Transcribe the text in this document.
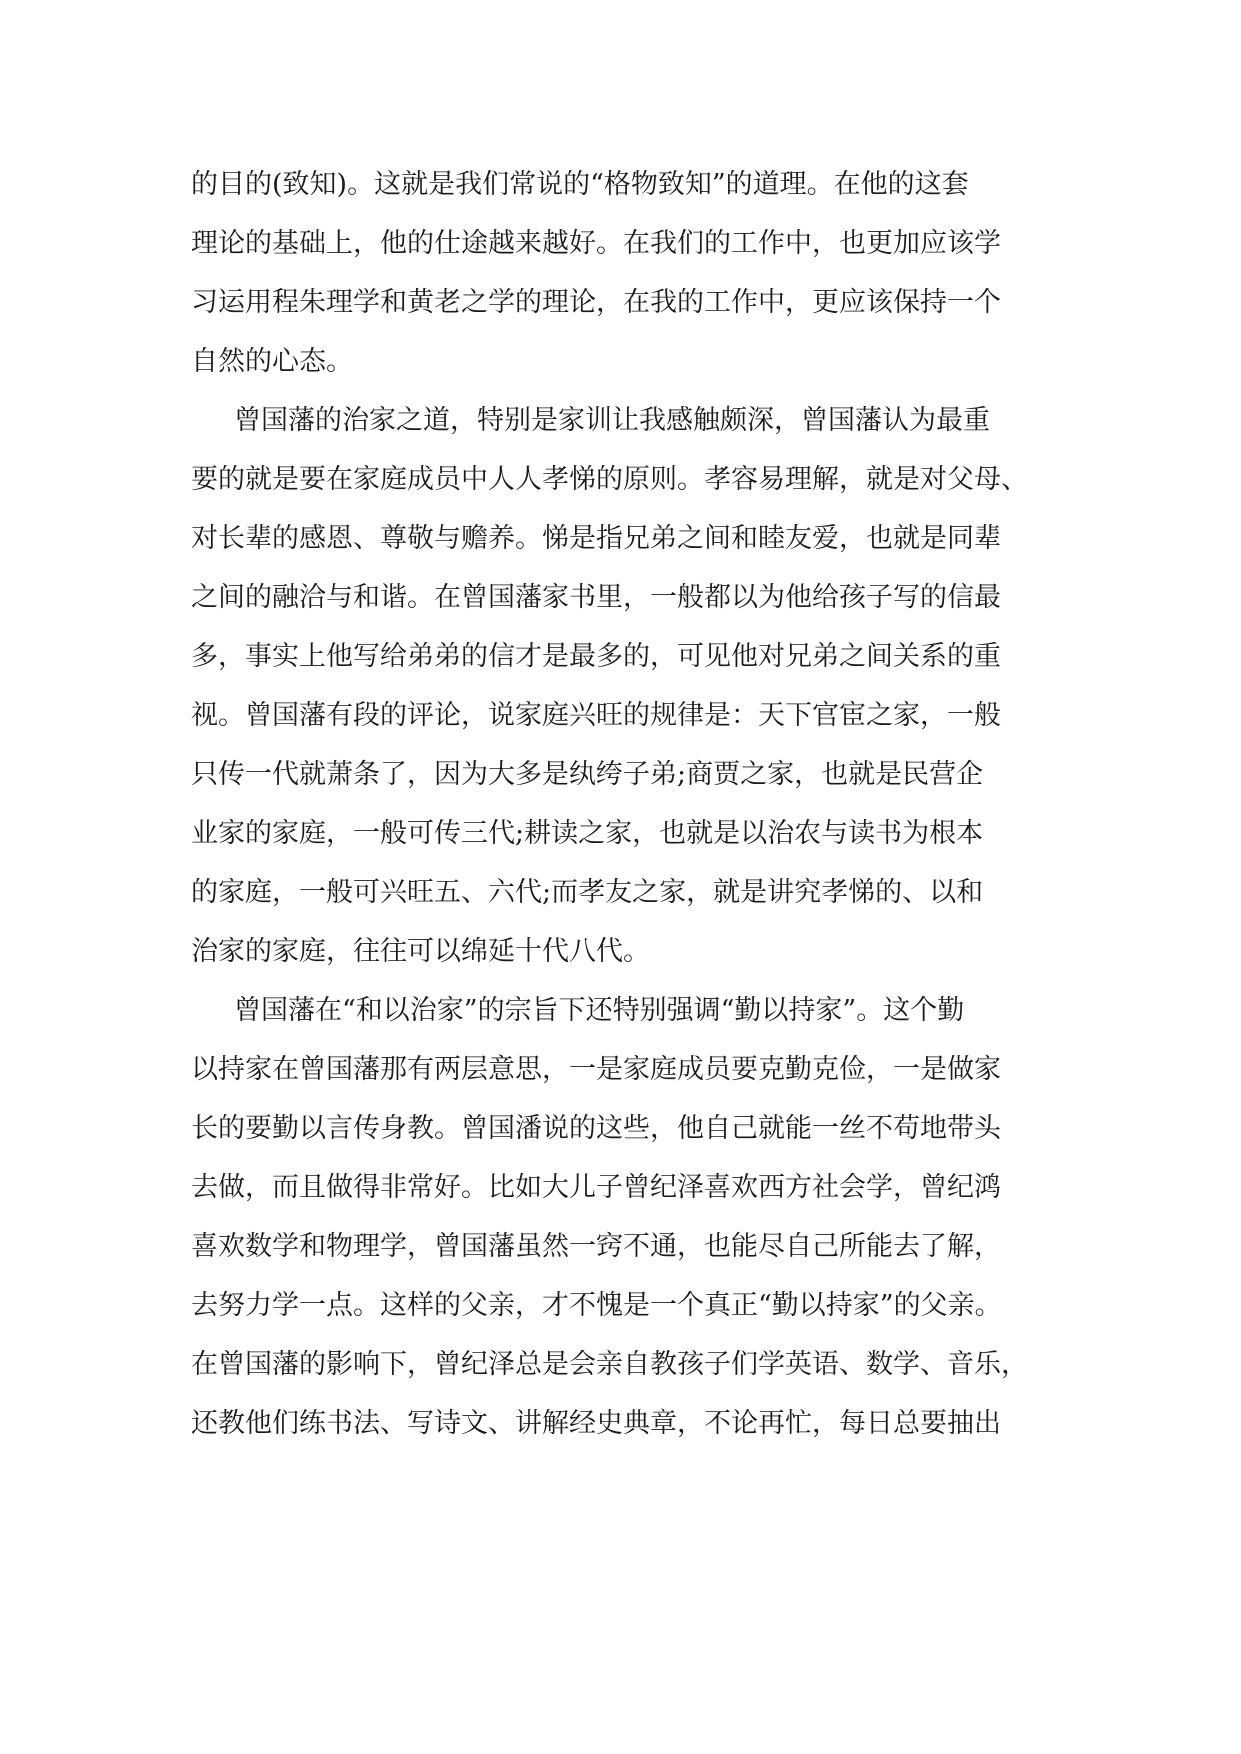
的目的(致知)。这就是我们常说的“格物致知”的道理。在他的这套
理论的基础上，他的仕途越来越好。在我们的工作中，也更加应该学
习运用程朱理学和黄老之学的理论，在我的工作中，更应该保持一个
自然的心态。
曾国藩的治家之道，特别是家训让我感触颇深，曾国藩认为最重
要的就是要在家庭成员中人人孝悌的原则。孝容易理解，就是对父母、
对长辈的感恩、尊敬与赡养。悌是指兄弟之间和睦友爱，也就是同辈
之间的融洽与和谐。在曾国藩家书里，一般都以为他给孩子写的信最
多，事实上他写给弟弟的信才是最多的，可见他对兄弟之间关系的重
视。曾国藩有段的评论，说家庭兴旺的规律是：天下官宦之家，一般
只传一代就萧条了，因为大多是纨绔子弟;商贾之家，也就是民营企
业家的家庭，一般可传三代;耕读之家，也就是以治农与读书为根本
的家庭，一般可兴旺五、六代;而孝友之家，就是讲究孝悌的、以和
治家的家庭，往往可以绵延十代八代。
曾国藩在“和以治家”的宗旨下还特别强调“勤以持家”。这个勤
以持家在曾国藩那有两层意思，一是家庭成员要克勤克俭，一是做家
长的要勤以言传身教。曾国潘说的这些，他自己就能一丝不苟地带头
去做，而且做得非常好。比如大儿子曾纪泽喜欢西方社会学，曾纪鸿
喜欢数学和物理学，曾国藩虽然一窍不通，也能尽自己所能去了解，
去努力学一点。这样的父亲，才不愧是一个真正“勤以持家”的父亲。
在曾国藩的影响下，曾纪泽总是会亲自教孩子们学英语、数学、音乐，
还教他们练书法、写诗文、讲解经史典章，不论再忙，每日总要抽出
